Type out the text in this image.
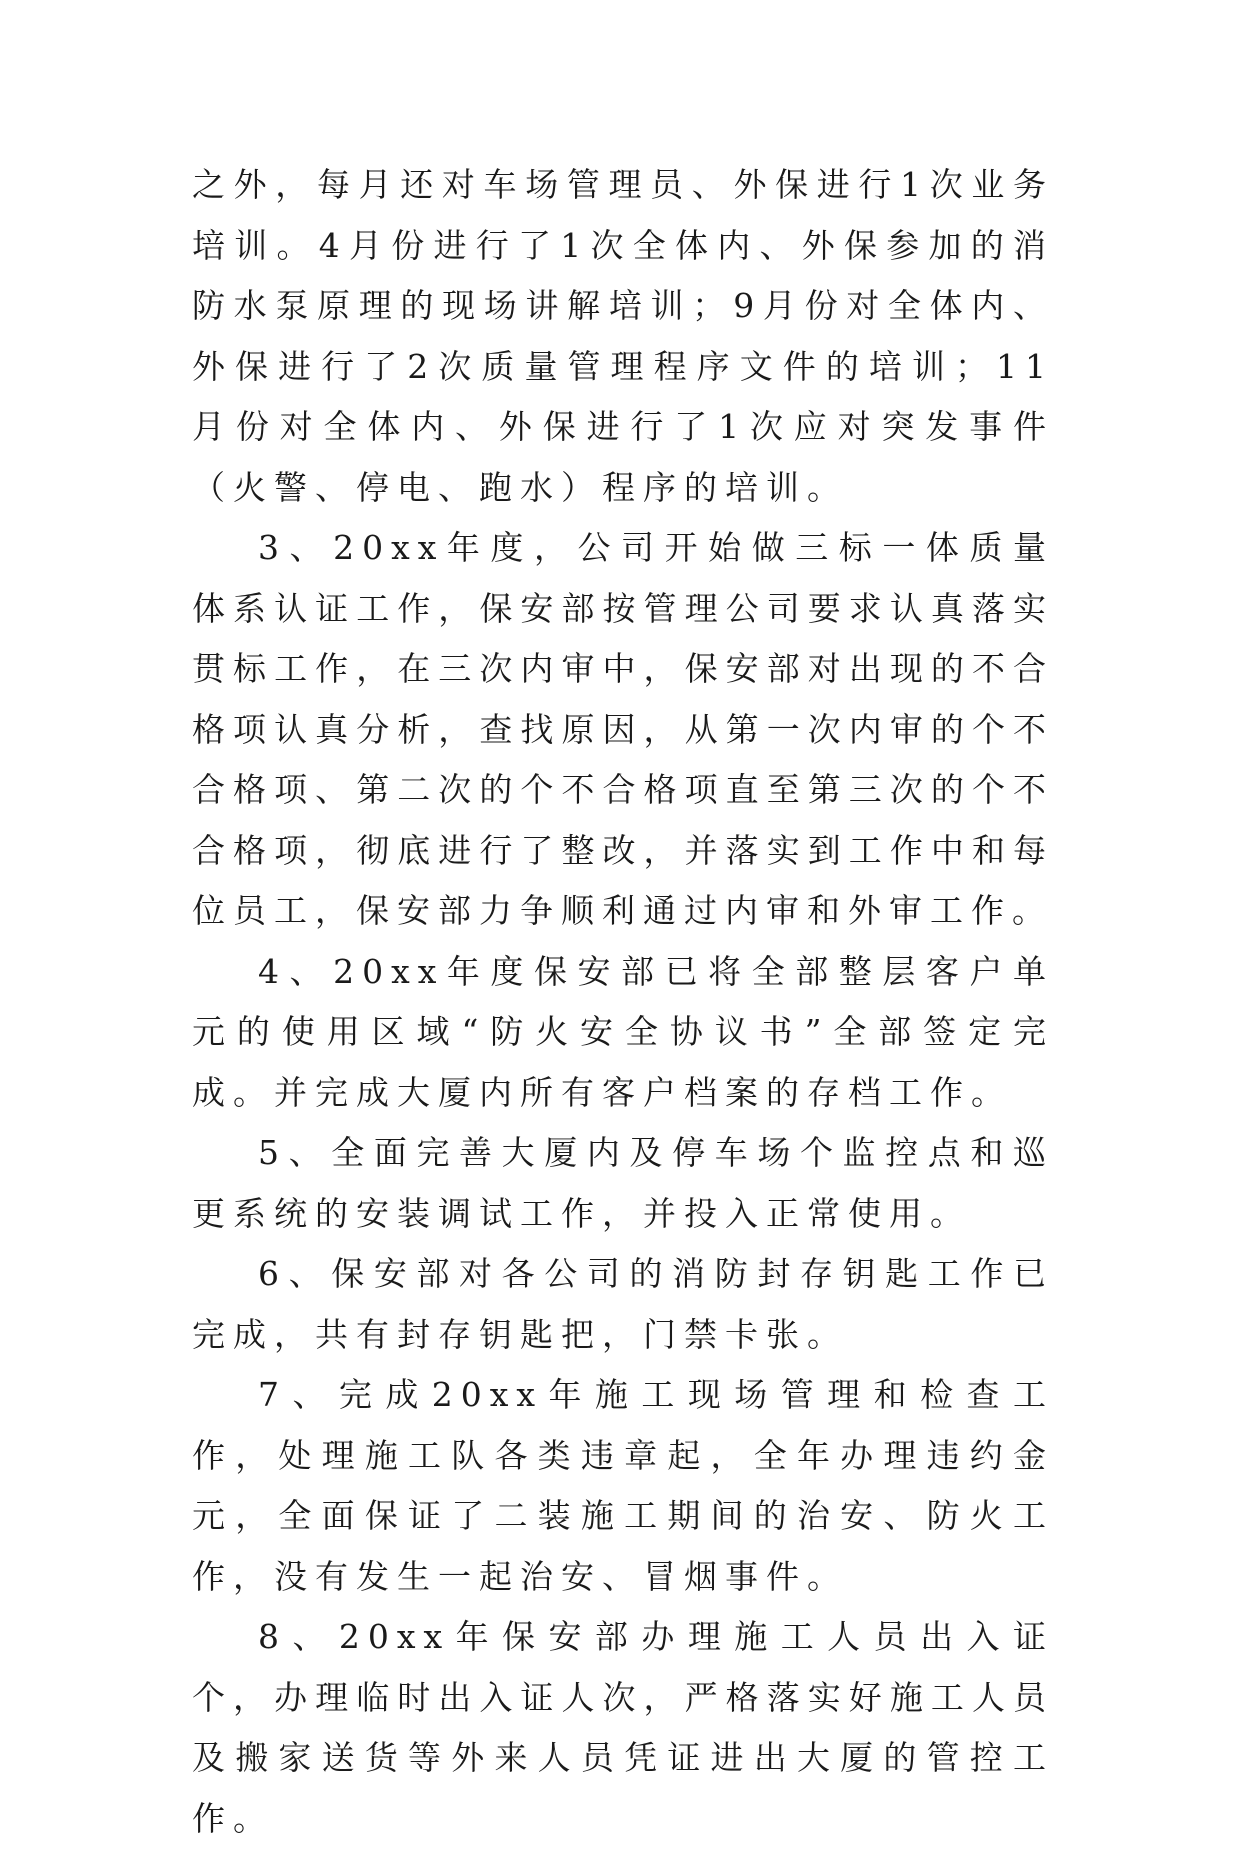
之外，每月还对车场管理员、外保进行1次业务培训。4月份进行了1次全体内、外保参加的消防水泵原理的现场讲解培训；9月份对全体内、外保进行了2次质量管理程序文件的培训；11月份对全体内、外保进行了1次应对突发事件（火警、停电、跑水）程序的培训。

3、20xx年度，公司开始做三标一体质量体系认证工作，保安部按管理公司要求认真落实贯标工作，在三次内审中，保安部对出现的不合格项认真分析，查找原因，从第一次内审的个不合格项、第二次的个不合格项直至第三次的个不合格项，彻底进行了整改，并落实到工作中和每位员工，保安部力争顺利通过内审和外审工作。

4、20xx年度保安部已将全部整层客户单元的使用区域“防火安全协议书”全部签定完成。并完成大厦内所有客户档案的存档工作。

5、全面完善大厦内及停车场个监控点和巡更系统的安装调试工作，并投入正常使用。

6、保安部对各公司的消防封存钥匙工作已完成，共有封存钥匙把，门禁卡张。

7、完成20xx年施工现场管理和检查工作，处理施工队各类违章起，全年办理违约金元，全面保证了二装施工期间的治安、防火工作，没有发生一起治安、冒烟事件。

8、20xx年保安部办理施工人员出入证个，办理临时出入证人次，严格落实好施工人员及搬家送货等外来人员凭证进出大厦的管控工作。
